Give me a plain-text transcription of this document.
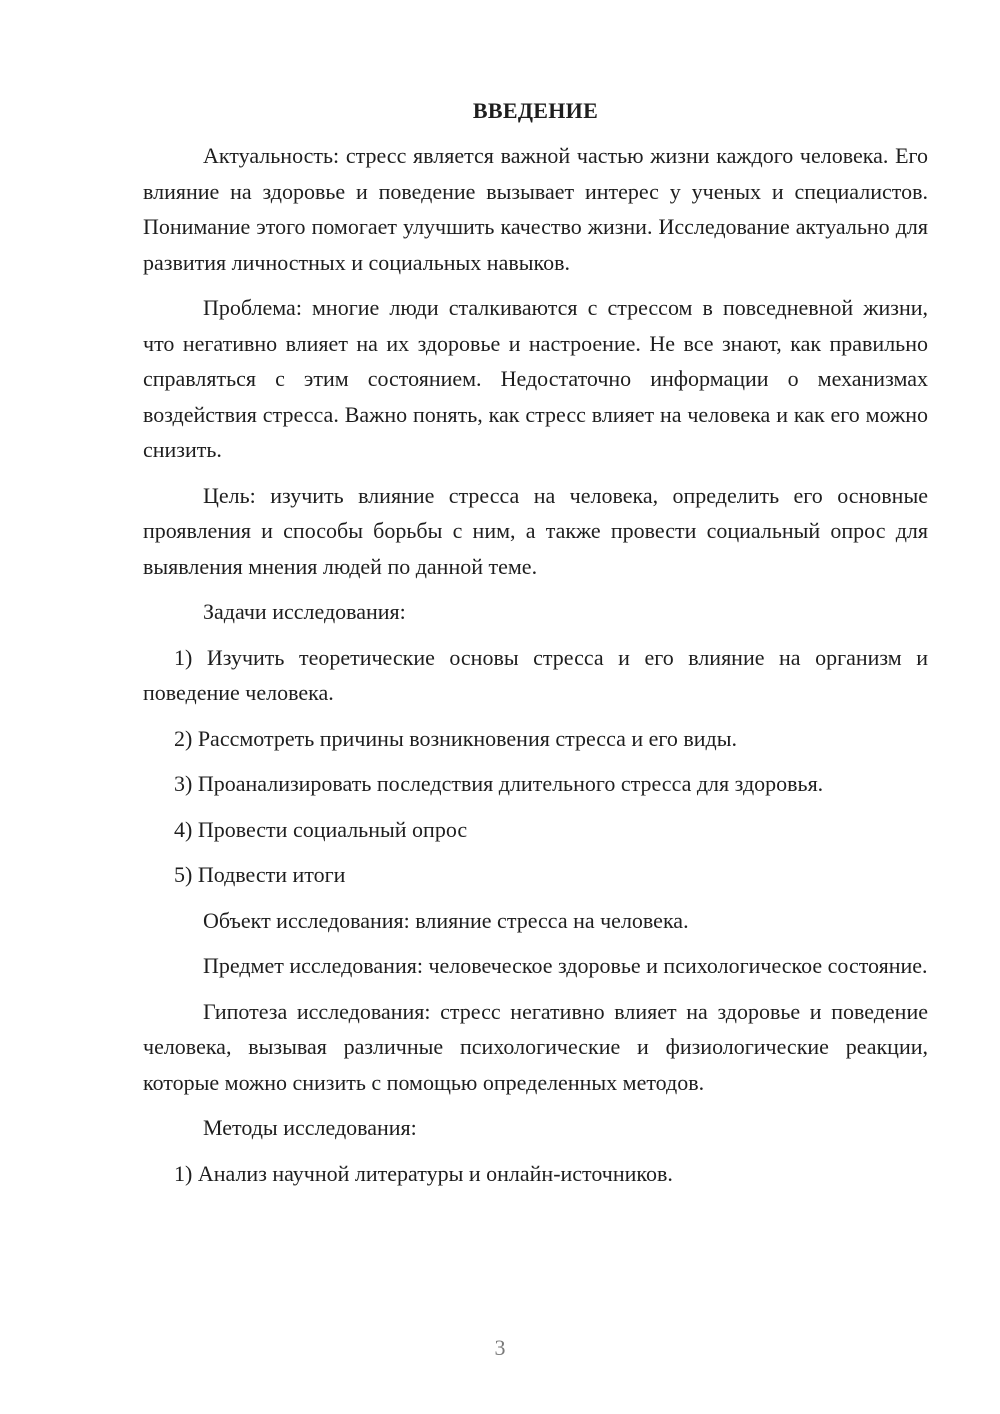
ВВЕДЕНИЕ

Актуальность: стресс является важной частью жизни каждого человека. Его влияние на здоровье и поведение вызывает интерес у ученых и специалистов. Понимание этого помогает улучшить качество жизни. Исследование актуально для развития личностных и социальных навыков.

Проблема: многие люди сталкиваются с стрессом в повседневной жизни, что негативно влияет на их здоровье и настроение. Не все знают, как правильно справляться с этим состоянием. Недостаточно информации о механизмах воздействия стресса. Важно понять, как стресс влияет на человека и как его можно снизить.

Цель: изучить влияние стресса на человека, определить его основные проявления и способы борьбы с ним, а также провести социальный опрос для выявления мнения людей по данной теме.

Задачи исследования:

1) Изучить теоретические основы стресса и его влияние на организм и поведение человека.

2) Рассмотреть причины возникновения стресса и его виды.

3) Проанализировать последствия длительного стресса для здоровья.

4) Провести социальный опрос

5) Подвести итоги

Объект исследования: влияние стресса на человека.

Предмет исследования: человеческое здоровье и психологическое состояние.

Гипотеза исследования: стресс негативно влияет на здоровье и поведение человека, вызывая различные психологические и физиологические реакции, которые можно снизить с помощью определенных методов.

Методы исследования:

1) Анализ научной литературы и онлайн-источников.

3
